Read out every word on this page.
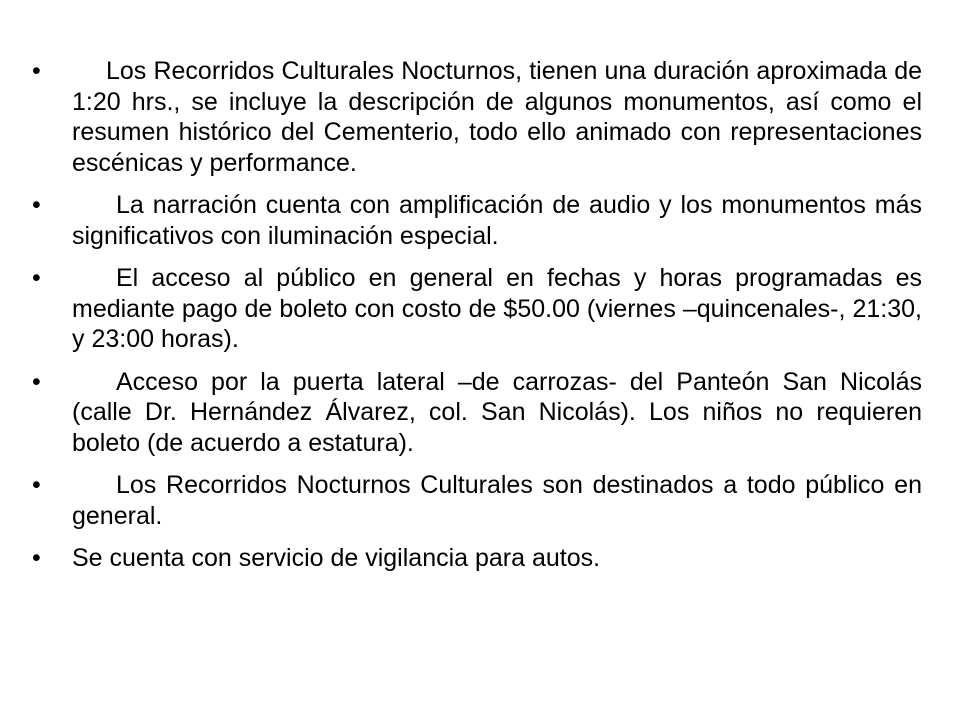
•	Los Recorridos Culturales Nocturnos, tienen una duración aproximada de 1:20 hrs., se incluye la descripción de algunos monumentos, así como el resumen histórico del Cementerio, todo ello animado con representaciones escénicas y performance.
•	La narración cuenta con amplificación de audio y los monumentos más significativos con iluminación especial.
•	El acceso al público en general en fechas y horas programadas es mediante pago de boleto con costo de $50.00 (viernes –quincenales-, 21:30, y 23:00 horas).
•	Acceso por la puerta lateral –de carrozas- del Panteón San Nicolás (calle Dr. Hernández Álvarez, col. San Nicolás). Los niños no requieren boleto (de acuerdo a estatura).
•	Los Recorridos Nocturnos Culturales son destinados a todo público en general.
•	Se cuenta con servicio de vigilancia para autos.
